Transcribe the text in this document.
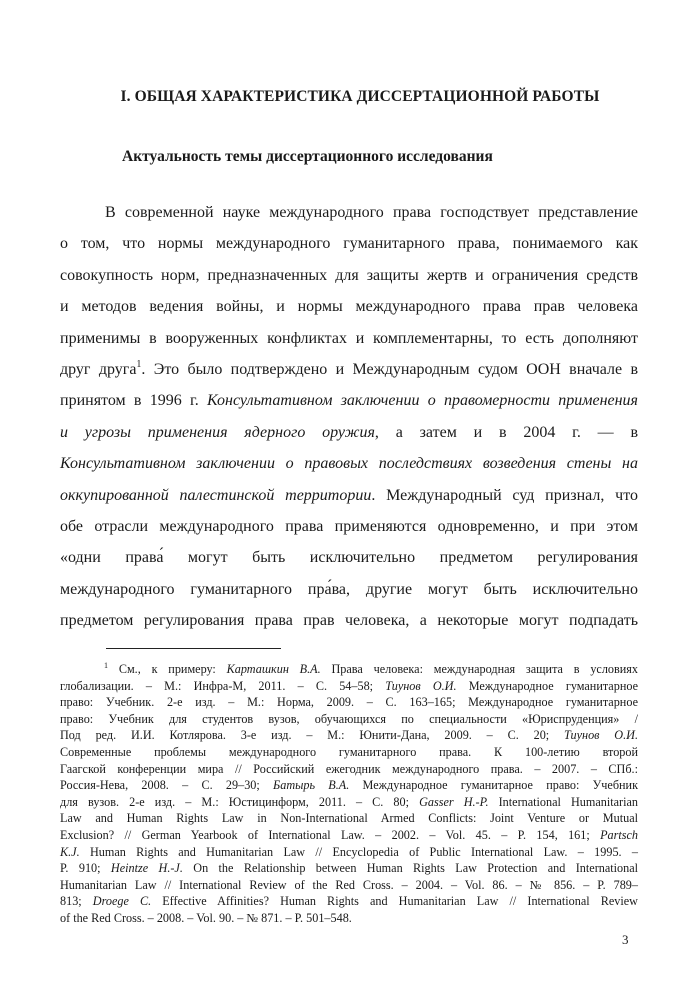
I. ОБЩАЯ ХАРАКТЕРИСТИКА ДИССЕРТАЦИОННОЙ РАБОТЫ
Актуальность темы диссертационного исследования

В современной науке международного права господствует представление
о том, что нормы международного гуманитарного права, понимаемого как
совокупность норм, предназначенных для защиты жертв и ограничения средств
и методов ведения войны, и нормы международного права прав человека
применимы в вооруженных конфликтах и комплементарны, то есть дополняют
друг друга$^1$. Это было подтверждено и Международным судом ООН вначале в
принятом в 1996 г. Консультативном заключении о правомерности применения
и угрозы применения ядерного оружия, а затем и в 2004 г. — в
Консультативном заключении о правовых последствиях возведения стены на
оккупированной палестинской территории. Международный суд признал, что
обе отрасли международного права применяются одновременно, и при этом
«одни права́ могут быть исключительно предметом регулирования
международного гуманитарного пра́ва, другие могут быть исключительно
предметом регулирования права прав человека, а некоторые могут подпадать

$^1$ См., к примеру: Карташкин В.А. Права человека: международная защита в условиях
глобализации. – М.: Инфра-М, 2011. – С. 54–58; Тиунов О.И. Международное гуманитарное
право: Учебник. 2-е изд. – М.: Норма, 2009. – С. 163–165; Международное гуманитарное
право: Учебник для студентов вузов, обучающихся по специальности «Юриспруденция» /
Под ред. И.И. Котлярова. 3-е изд. – М.: Юнити-Дана, 2009. – С. 20; Тиунов О.И.
Современные проблемы международного гуманитарного права. К 100-летию второй
Гаагской конференции мира // Российский ежегодник международного права. – 2007. – СПб.:
Россия-Нева, 2008. – С. 29–30; Батырь В.А. Международное гуманитарное право: Учебник
для вузов. 2-е изд. – М.: Юстицинформ, 2011. – С. 80; Gasser H.-P. International Humanitarian
Law and Human Rights Law in Non-International Armed Conflicts: Joint Venture or Mutual
Exclusion? // German Yearbook of International Law. – 2002. – Vol. 45. – P. 154, 161; Partsch
K.J. Human Rights and Humanitarian Law // Encyclopedia of Public International Law. – 1995. –
P. 910; Heintze H.-J. On the Relationship between Human Rights Law Protection and International
Humanitarian Law // International Review of the Red Cross. – 2004. – Vol. 86. – № 856. – P. 789–
813; Droege C. Effective Affinities? Human Rights and Humanitarian Law // International Review
of the Red Cross. – 2008. – Vol. 90. – № 871. – P. 501–548.

3
